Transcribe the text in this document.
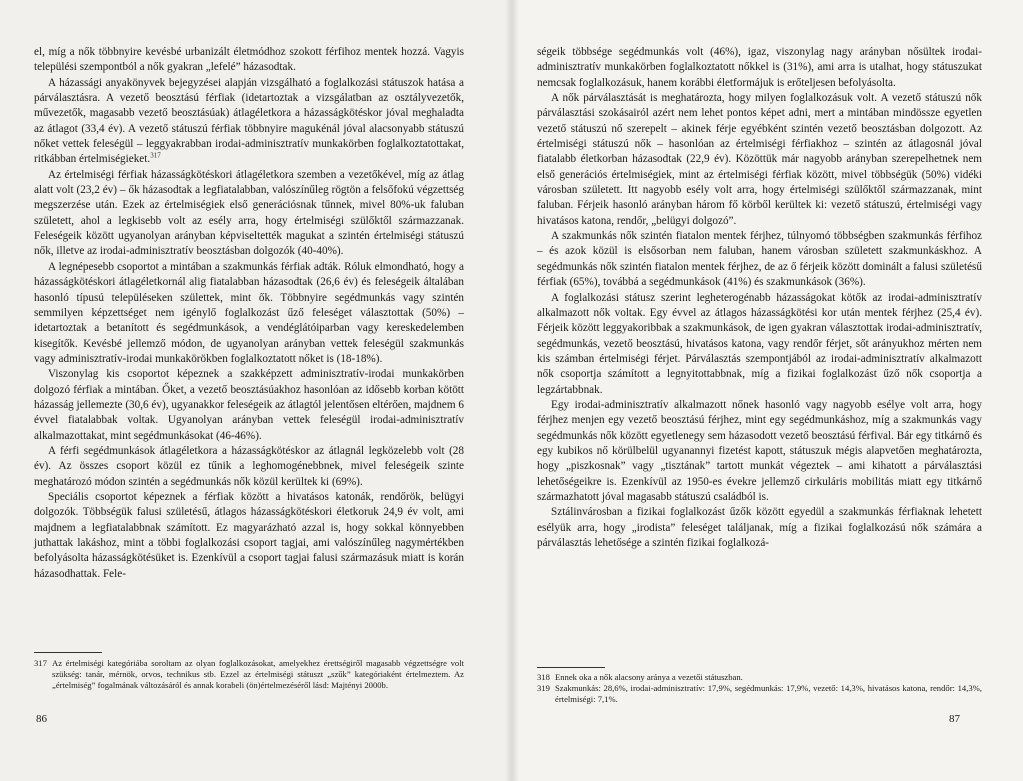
el, míg a nők többnyire kevésbé urbanizált életmódhoz szokott férfihoz mentek hozzá. Vagyis települési szempontból a nők gyakran „lefelé” házasodtak.

A házassági anyakönyvek bejegyzései alapján vizsgálható a foglalkozási státuszok hatása a párválasztásra. A vezető beosztású férfiak (idetartoztak a vizsgálatban az osztályvezetők, művezetők, magasabb vezető beosztásúak) átlagéletkora a házasságkötéskor jóval meghaladta az átlagot (33,4 év). A vezető státuszú férfiak többnyire magukénál jóval alacsonyabb státuszú nőket vettek feleségül – leggyakrabban irodai-adminisztratív munkakörben foglalkoztatottakat, ritkábban értelmiségieket.$^{317}$

Az értelmiségi férfiak házasságkötéskori átlagéletkora szemben a vezetőkével, míg az átlag alatt volt (23,2 év) – ők házasodtak a legfiatalabban, valószínűleg rögtön a felsőfokú végzettség megszerzése után. Ezek az értelmiségiek első generációsnak tűnnek, mivel 80%-uk faluban született, ahol a legkisebb volt az esély arra, hogy értelmiségi szülőktől származzanak. Feleségeik között ugyanolyan arányban képviseltették magukat a szintén értelmiségi státuszú nők, illetve az irodai-adminisztratív beosztásban dolgozók (40-40%).

A legnépesebb csoportot a mintában a szakmunkás férfiak adták. Róluk elmondható, hogy a házasságkötéskori átlagéletkornál alig fiatalabban házasodtak (26,6 év) és feleségeik általában hasonló típusú településeken születtek, mint ők. Többnyire segédmunkás vagy szintén semmilyen képzettséget nem igénylő foglalkozást űző feleséget választottak (50%) – idetartoztak a betanított és segédmunkások, a vendéglátóiparban vagy kereskedelemben kisegítők. Kevésbé jellemző módon, de ugyanolyan arányban vettek feleségül szakmunkás vagy adminisztratív-irodai munkakörökben foglalkoztatott nőket is (18-18%).

Viszonylag kis csoportot képeznek a szakképzett adminisztratív-irodai munkakörben dolgozó férfiak a mintában. Őket, a vezető beosztásúakhoz hasonlóan az idősebb korban kötött házasság jellemezte (30,6 év), ugyanakkor feleségeik az átlagtól jelentősen eltérően, majdnem 6 évvel fiatalabbak voltak. Ugyanolyan arányban vettek feleségül irodai-adminisztratív alkalmazottakat, mint segédmunkásokat (46-46%).

A férfi segédmunkások átlagéletkora a házasságkötéskor az átlagnál legközelebb volt (28 év). Az összes csoport közül ez tűnik a leghomogénebbnek, mivel feleségeik szinte meghatározó módon szintén a segédmunkás nők közül kerültek ki (69%).

Speciális csoportot képeznek a férfiak között a hivatásos katonák, rendőrök, belügyi dolgozók. Többségük falusi születésű, átlagos házasságkötéskori életkoruk 24,9 év volt, ami majdnem a legfiatalabbnak számított. Ez magyarázható azzal is, hogy sokkal könnyebben juthattak lakáshoz, mint a többi foglalkozási csoport tagjai, ami valószínűleg nagymértékben befolyásolta házasságkötésüket is. Ezenkívül a csoport tagjai falusi származásuk miatt is korán házasodhattak. Fele-

317 Az értelmiségi kategóriába soroltam az olyan foglalkozásokat, amelyekhez érettségiről magasabb végzettségre volt szükség: tanár, mérnök, orvos, technikus stb. Ezzel az értelmiségi státuszt „szűk” kategóriaként értelmeztem. Az „értelmiség” fogalmának változásáról és annak korabeli (ön)értelmezéséről lásd: Majtényi 2000b.

86

ségeik többsége segédmunkás volt (46%), igaz, viszonylag nagy arányban nősültek irodai-adminisztratív munkakörben foglalkoztatott nőkkel is (31%), ami arra is utalhat, hogy státuszukat nemcsak foglalkozásuk, hanem korábbi életformájuk is erőteljesen befolyásolta.

A nők párválasztását is meghatározta, hogy milyen foglalkozásuk volt. A vezető státuszú nők párválasztási szokásairól azért nem lehet pontos képet adni, mert a mintában mindössze egyetlen vezető státuszú nő szerepelt – akinek férje egyébként szintén vezető beosztásban dolgozott. Az értelmiségi státuszú nők – hasonlóan az értelmiségi férfiakhoz – szintén az átlagosnál jóval fiatalabb életkorban házasodtak (22,9 év). Közöttük már nagyobb arányban szerepelhetnek nem első generációs értelmiségiek, mint az értelmiségi férfiak között, mivel többségük (50%) vidéki városban született. Itt nagyobb esély volt arra, hogy értelmiségi szülőktől származzanak, mint faluban. Férjeik hasonló arányban három fő körből kerültek ki: vezető státuszú, értelmiségi vagy hivatásos katona, rendőr, „belügyi dolgozó”.

A szakmunkás nők szintén fiatalon mentek férjhez, túlnyomó többségben szakmunkás férfihoz – és azok közül is elsősorban nem faluban, hanem városban született szakmunkáskhoz. A segédmunkás nők szintén fiatalon mentek férjhez, de az ő férjeik között dominált a falusi születésű férfiak (65%), továbbá a segédmunkások (41%) és szakmunkások (36%).

A foglalkozási státusz szerint legheterogénabb házasságokat kötők az irodai-adminisztratív alkalmazott nők voltak. Egy évvel az átlagos házasságkötési kor után mentek férjhez (25,4 év). Férjeik között leggyakoribbak a szakmunkások, de igen gyakran választottak irodai-adminisztratív, segédmunkás, vezető beosztású, hivatásos katona, vagy rendőr férjet, sőt arányukhoz mérten nem kis számban értelmiségi férjet. Párválasztás szempontjából az irodai-adminisztratív alkalmazott nők csoportja számított a legnyitottabbnak, míg a fizikai foglalkozást űző nők csoportja a legzártabbnak.

Egy irodai-adminisztratív alkalmazott nőnek hasonló vagy nagyobb esélye volt arra, hogy férjhez menjen egy vezető beosztású férjhez, mint egy segédmunkáshoz, míg a szakmunkás vagy segédmunkás nők között egyetlenegy sem házasodott vezető beosztású férfival. Bár egy titkárnő és egy kubikos nő körülbelül ugyanannyi fizetést kapott, státuszuk mégis alapvetően meghatározta, hogy „piszkosnak” vagy „tisztának” tartott munkát végeztek – ami kihatott a párválasztási lehetőségeikre is. Ezenkívül az 1950-es évekre jellemző cirkuláris mobilitás miatt egy titkárnő származhatott jóval magasabb státuszú családból is.

Sztálinvárosban a fizikai foglalkozást űzők között egyedül a szakmunkás férfiaknak lehetett esélyük arra, hogy „irodista” feleséget találjanak, míg a fizikai foglalkozású nők számára a párválasztás lehetősége a szintén fizikai foglalkozá-

318 Ennek oka a nők alacsony aránya a vezetői státuszban.

319 Szakmunkás: 28,6%, irodai-adminisztratív: 17,9%, segédmunkás: 17,9%, vezető: 14,3%, hivatásos katona, rendőr: 14,3%, értelmiségi: 7,1%.

87
